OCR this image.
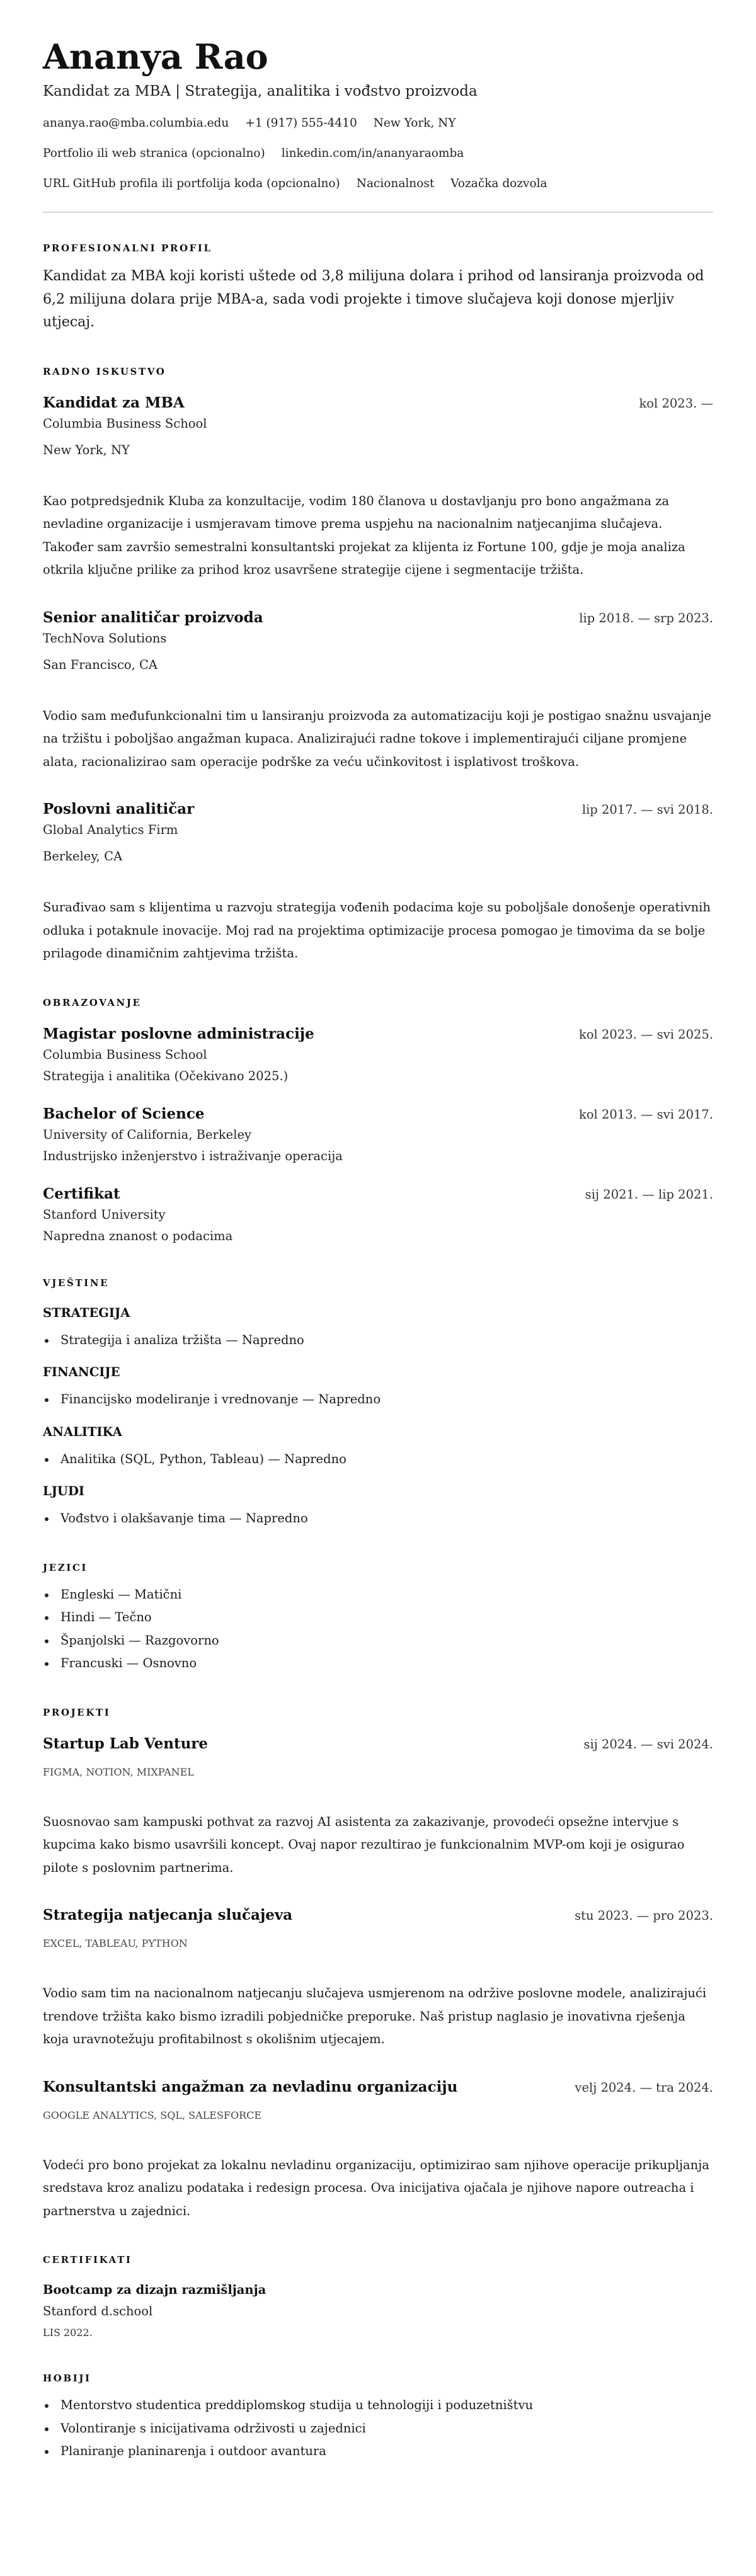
Ananya Rao
Kandidat za MBA | Strategija, analitika i vođstvo proizvoda
ananya.rao@mba.columbia.edu +1 (917) 555-4410 New York, NY
Portfolio ili web stranica (opcionalno) linkedin.com/in/ananyaraomba
URL GitHub profila ili portfolija koda (opcionalno) Nacionalnost Vozačka dozvola
PROFESIONALNI PROFIL

Kandidat za MBA koji koristi uštede od 3,8 milijuna dolara i prihod od lansiranja proizvoda od 6,2 milijuna dolara prije MBA-a, sada vodi projekte i timove slučajeva koji donose mjerljiv utjecaj.

RADNO ISKUSTVO
Kandidat za MBA	kol 2023. —
Columbia Business School
New York, NY
Kao potpredsjednik Kluba za konzultacije, vodim 180 članova u dostavljanju pro bono angažmana za nevladine organizacije i usmjeravam timove prema uspjehu na nacionalnim natjecanjima slučajeva. Također sam završio semestralni konsultantski projekat za klijenta iz Fortune 100, gdje je moja analiza otkrila ključne prilike za prihod kroz usavršene strategije cijene i segmentacije tržišta.
Senior analitičar proizvoda	lip 2018. — srp 2023.
TechNova Solutions
San Francisco, CA
Vodio sam međufunkcionalni tim u lansiranju proizvoda za automatizaciju koji je postigao snažnu usvajanje na tržištu i poboljšao angažman kupaca. Analizirajući radne tokove i implementirajući ciljane promjene alata, racionalizirao sam operacije podrške za veću učinkovitost i isplativost troškova.
Poslovni analitičar	lip 2017. — svi 2018.
Global Analytics Firm
Berkeley, CA
Surađivao sam s klijentima u razvoju strategija vođenih podacima koje su poboljšale donošenje operativnih odluka i potaknule inovacije. Moj rad na projektima optimizacije procesa pomogao je timovima da se bolje prilagode dinamičnim zahtjevima tržišta.
OBRAZOVANJE
Magistar poslovne administracije	kol 2023. — svi 2025.
Columbia Business School
Strategija i analitika (Očekivano 2025.)
Bachelor of Science	kol 2013. — svi 2017.
University of California, Berkeley
Industrijsko inženjerstvo i istraživanje operacija
Certifikat	sij 2021. — lip 2021.
Stanford University
Napredna znanost o podacima
VJEŠTINE
STRATEGIJA
Strategija i analiza tržišta — Napredno
FINANCIJE
Financijsko modeliranje i vrednovanje — Napredno
ANALITIKA
Analitika (SQL, Python, Tableau) — Napredno
LJUDI
Vođstvo i olakšavanje tima — Napredno
JEZICI
Engleski — Matični
Hindi — Tečno
Španjolski — Razgovorno
Francuski — Osnovno
PROJEKTI
Startup Lab Venture	sij 2024. — svi 2024.
FIGMA, NOTION, MIXPANEL
Suosnovao sam kampuski pothvat za razvoj AI asistenta za zakazivanje, provodeći opsežne intervjue s kupcima kako bismo usavršili koncept. Ovaj napor rezultirao je funkcionalnim MVP-om koji je osigurao pilote s poslovnim partnerima.
Strategija natjecanja slučajeva	stu 2023. — pro 2023.
EXCEL, TABLEAU, PYTHON
Vodio sam tim na nacionalnom natjecanju slučajeva usmjerenom na održive poslovne modele, analizirajući trendove tržišta kako bismo izradili pobjedničke preporuke. Naš pristup naglasio je inovativna rješenja koja uravnotežuju profitabilnost s okolišnim utjecajem.
Konsultantski angažman za nevladinu organizaciju	velj 2024. — tra 2024.
GOOGLE ANALYTICS, SQL, SALESFORCE
Vodeći pro bono projekat za lokalnu nevladinu organizaciju, optimizirao sam njihove operacije prikupljanja sredstava kroz analizu podataka i redesign procesa. Ova inicijativa ojačala je njihove napore outreacha i partnerstva u zajednici.
CERTIFIKATI
Bootcamp za dizajn razmišljanja
Stanford d.school
LIS 2022.
HOBIJI
Mentorstvo studentica preddiplomskog studija u tehnologiji i poduzetništvu
Volontiranje s inicijativama održivosti u zajednici
Planiranje planinarenja i outdoor avantura
